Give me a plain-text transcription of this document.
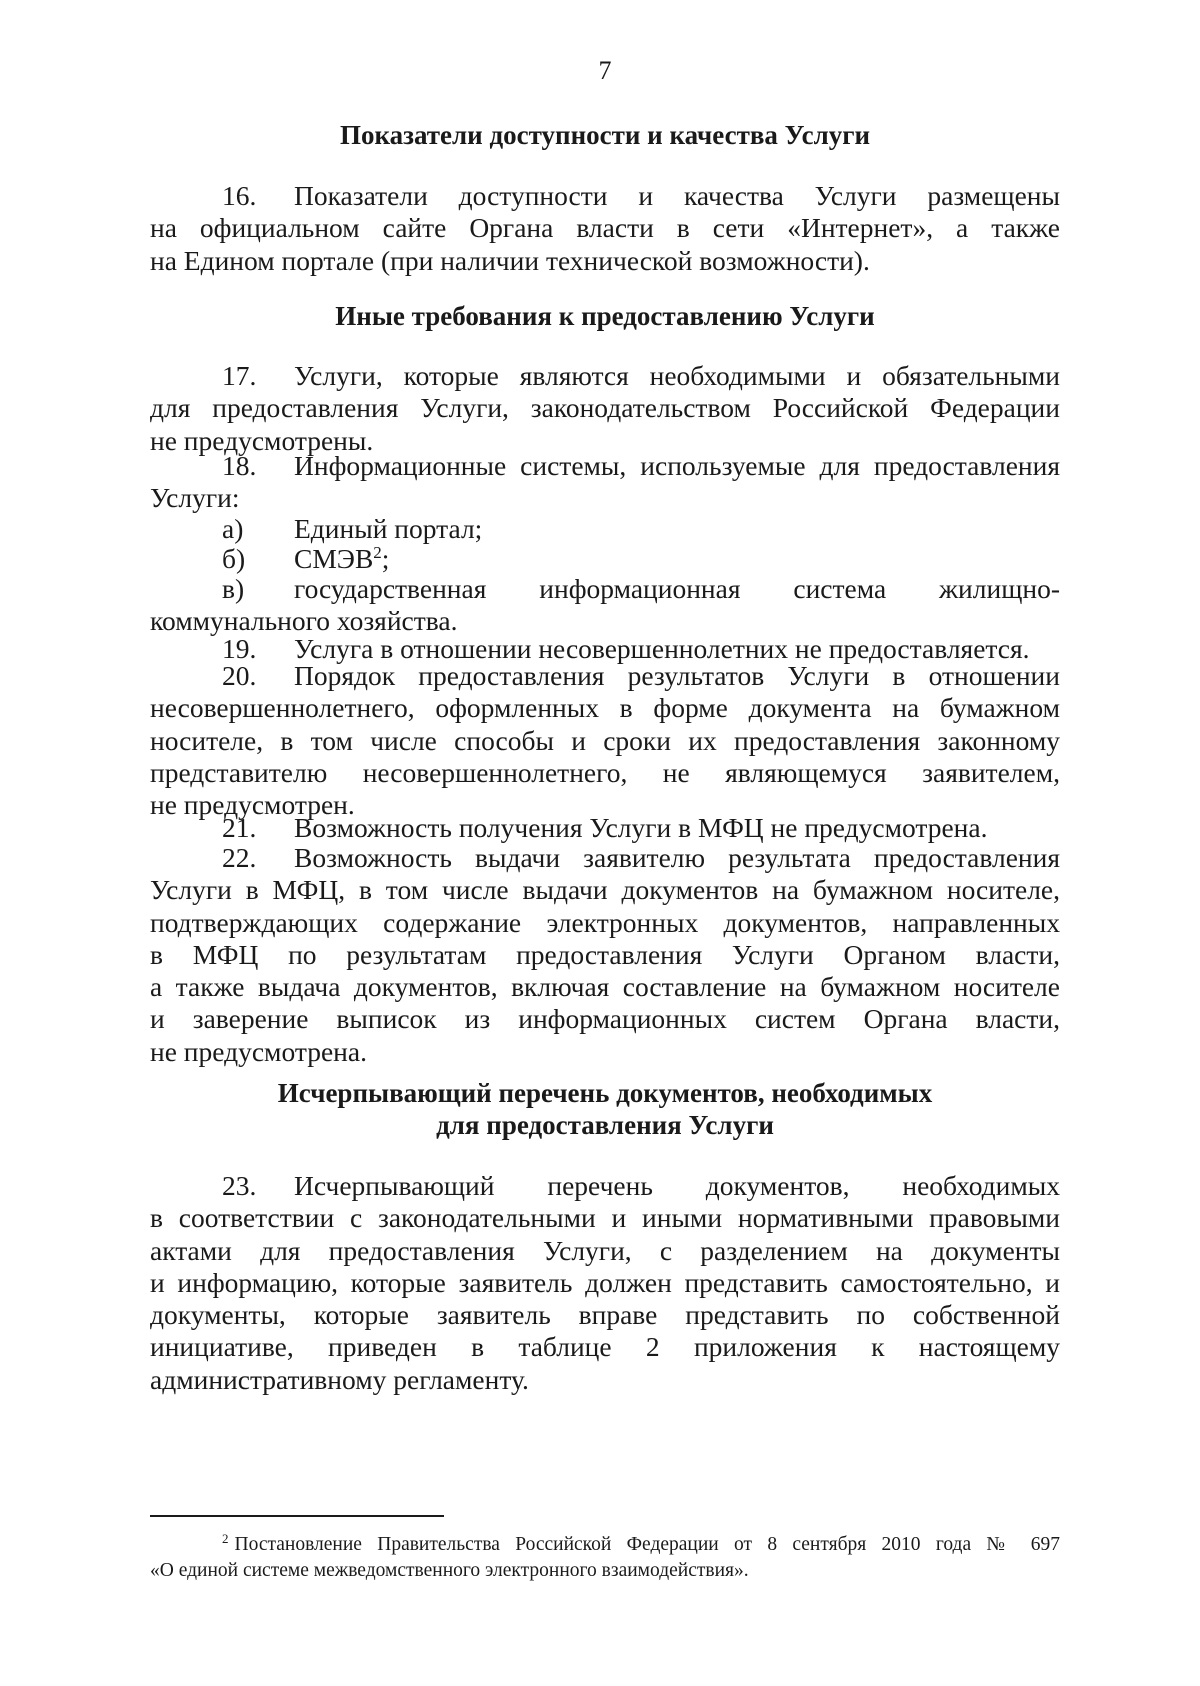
7
Показатели доступности и качества Услуги
16. Показатели доступности и качества Услуги размещены
на официальном сайте Органа власти в сети «Интернет», а также
на Едином портале (при наличии технической возможности).
Иные требования к предоставлению Услуги
17. Услуги, которые являются необходимыми и обязательными
для предоставления Услуги, законодательством Российской Федерации
не предусмотрены.
18. Информационные системы, используемые для предоставления
Услуги:
а) Единый портал;
б) СМЭВ$^2$;
в) государственная информационная система жилищно-
коммунального хозяйства.
19. Услуга в отношении несовершеннолетних не предоставляется.
20. Порядок предоставления результатов Услуги в отношении
несовершеннолетнего, оформленных в форме документа на бумажном
носителе, в том числе способы и сроки их предоставления законному
представителю несовершеннолетнего, не являющемуся заявителем,
не предусмотрен.
21. Возможность получения Услуги в МФЦ не предусмотрена.
22. Возможность выдачи заявителю результата предоставления
Услуги в МФЦ, в том числе выдачи документов на бумажном носителе,
подтверждающих содержание электронных документов, направленных
в МФЦ по результатам предоставления Услуги Органом власти,
а также выдача документов, включая составление на бумажном носителе
и заверение выписок из информационных систем Органа власти,
не предусмотрена.
Исчерпывающий перечень документов, необходимых
для предоставления Услуги
23. Исчерпывающий перечень документов, необходимых
в соответствии с законодательными и иными нормативными правовыми
актами для предоставления Услуги, с разделением на документы
и информацию, которые заявитель должен представить самостоятельно, и
документы, которые заявитель вправе представить по собственной
инициативе, приведен в таблице 2 приложения к настоящему
административному регламенту.
$^2$ Постановление Правительства Российской Федерации от 8 сентября 2010 года № 697
«О единой системе межведомственного электронного взаимодействия».
